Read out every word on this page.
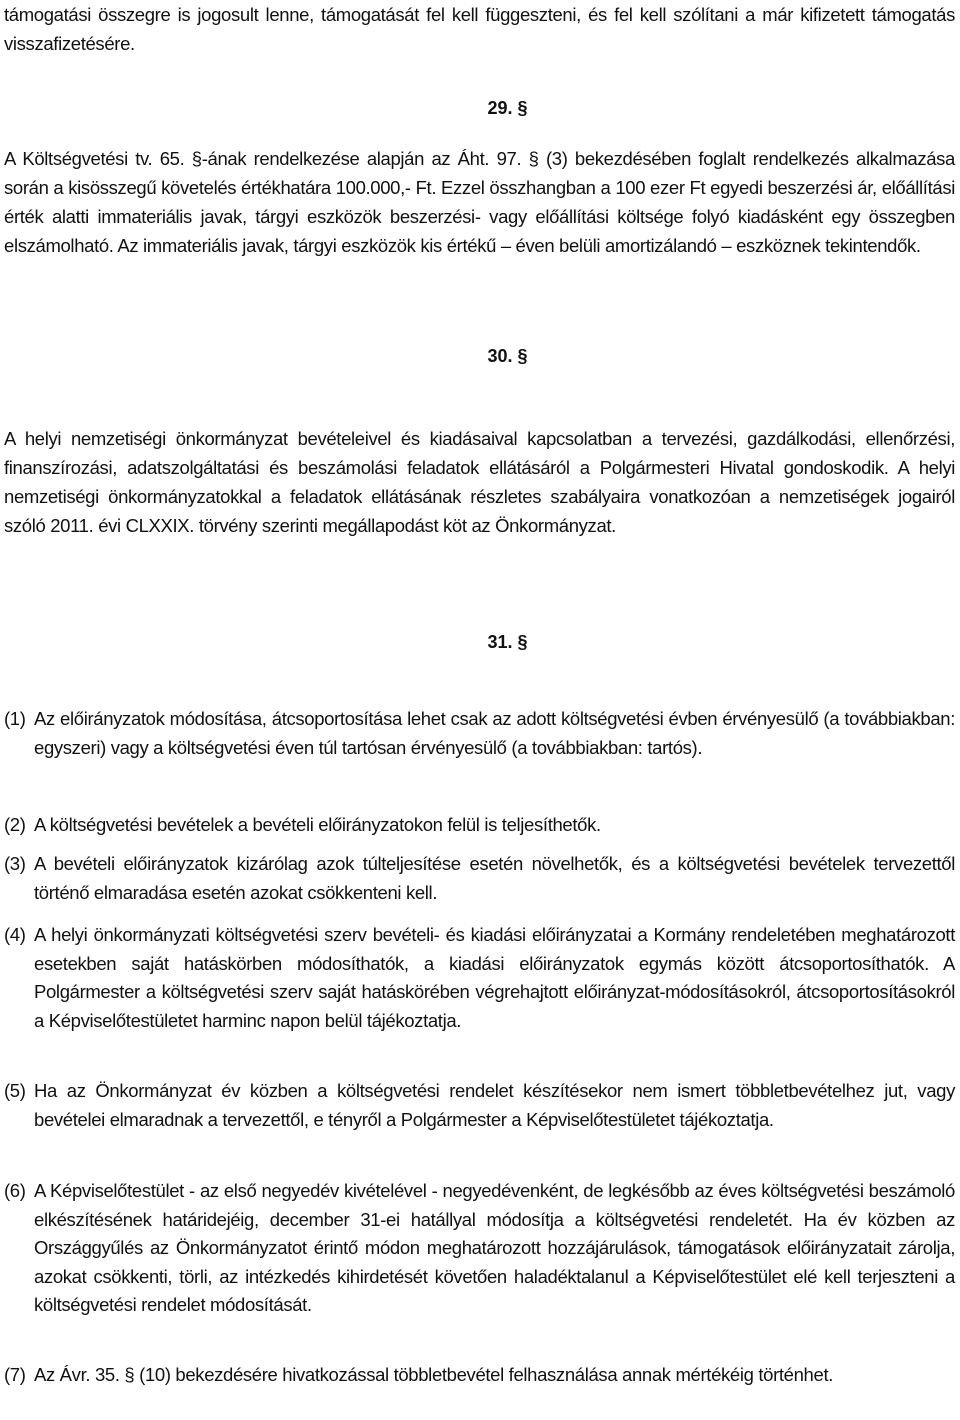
támogatási összegre is jogosult lenne, támogatását fel kell függeszteni, és fel kell szólítani a már kifizetett támogatás visszafizetésére.

29. §

A Költségvetési tv. 65. §-ának rendelkezése alapján az Áht. 97. § (3) bekezdésében foglalt rendelkezés alkalmazása során a kisösszegű követelés értékhatára 100.000,- Ft. Ezzel összhangban a 100 ezer Ft egyedi beszerzési ár, előállítási érték alatti immateriális javak, tárgyi eszközök beszerzési- vagy előállítási költsége folyó kiadásként egy összegben elszámolható. Az immateriális javak, tárgyi eszközök kis értékű – éven belüli amortizálandó – eszköznek tekintendők.

30. §

A helyi nemzetiségi önkormányzat bevételeivel és kiadásaival kapcsolatban a tervezési, gazdálkodási, ellenőrzési, finanszírozási, adatszolgáltatási és beszámolási feladatok ellátásáról a Polgármesteri Hivatal gondoskodik. A helyi nemzetiségi önkormányzatokkal a feladatok ellátásának részletes szabályaira vonatkozóan a nemzetiségek jogairól szóló 2011. évi CLXXIX. törvény szerinti megállapodást köt az Önkormányzat.

31. §

(1) Az előirányzatok módosítása, átcsoportosítása lehet csak az adott költségvetési évben érvényesülő (a továbbiakban: egyszeri) vagy a költségvetési éven túl tartósan érvényesülő (a továbbiakban: tartós).
(2) A költségvetési bevételek a bevételi előirányzatokon felül is teljesíthetők.
(3) A bevételi előirányzatok kizárólag azok túlteljesítése esetén növelhetők, és a költségvetési bevételek tervezettől történő elmaradása esetén azokat csökkenteni kell.
(4) A helyi önkormányzati költségvetési szerv bevételi- és kiadási előirányzatai a Kormány rendeletében meghatározott esetekben saját hatáskörben módosíthatók, a kiadási előirányzatok egymás között átcsoportosíthatók. A Polgármester a költségvetési szerv saját hatáskörében végrehajtott előirányzat-módosításokról, átcsoportosításokról a Képviselőtestületet harminc napon belül tájékoztatja.
(5) Ha az Önkormányzat év közben a költségvetési rendelet készítésekor nem ismert többletbevételhez jut, vagy bevételei elmaradnak a tervezettől, e tényről a Polgármester a Képviselőtestületet tájékoztatja.
(6) A Képviselőtestület - az első negyedév kivételével - negyedévenként, de legkésőbb az éves költségvetési beszámoló elkészítésének határidejéig, december 31-ei hatállyal módosítja a költségvetési rendeletét. Ha év közben az Országgyűlés az Önkormányzatot érintő módon meghatározott hozzájárulások, támogatások előirányzatait zárolja, azokat csökkenti, törli, az intézkedés kihirdetését követően haladéktalanul a Képviselőtestület elé kell terjeszteni a költségvetési rendelet módosítását.
(7) Az Ávr. 35. § (10) bekezdésére hivatkozással többletbevétel felhasználása annak mértékéig történhet.
